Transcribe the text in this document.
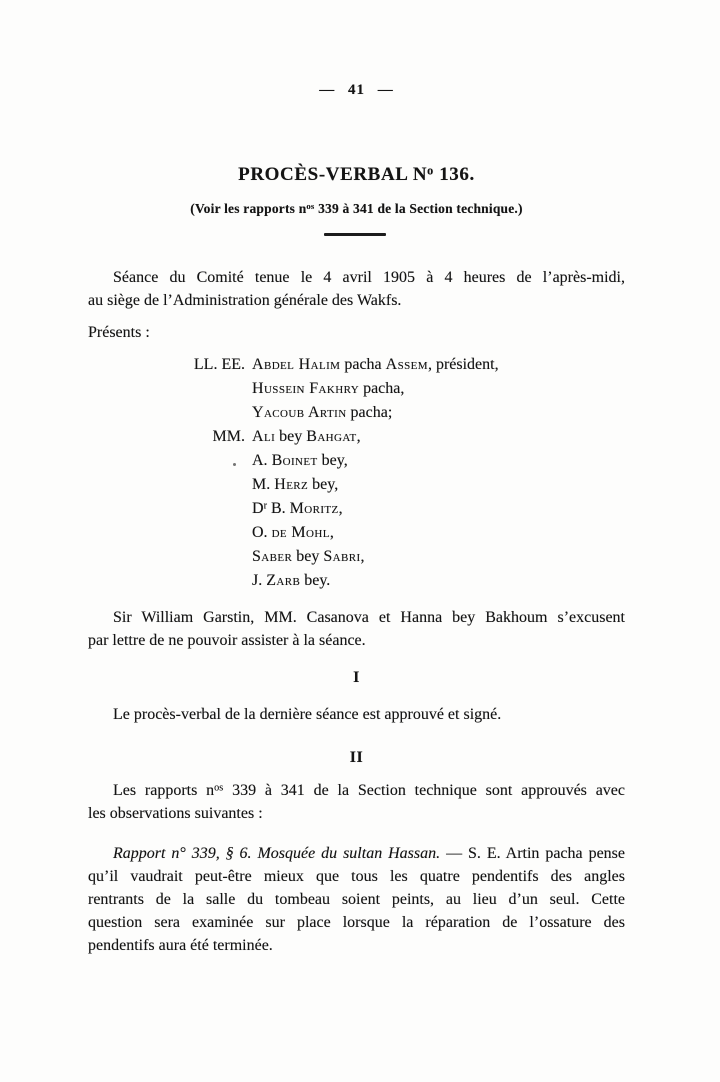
— 41 —
PROCÈS-VERBAL $N^o$ 136.
(Voir les rapports $n^{os}$ 339 à 341 de la Section technique.)
Séance du Comité tenue le 4 avril 1905 à 4 heures de l’après-midi,
au siège de l’Administration générale des Wakfs.
Présents :
LL. EE. Abdel Halim pacha Assem, président,
Hussein Fakhry pacha,
Yacoub Artin pacha;
MM. Ali bey Bahgat,
A. Boinet bey,
M. Herz bey,
$D^r$ B. Moritz,
O. de Mohl,
Saber bey Sabri,
J. Zarb bey.
Sir William Garstin, MM. Casanova et Hanna bey Bakhoum s’excusent
par lettre de ne pouvoir assister à la séance.
I
Le procès-verbal de la dernière séance est approuvé et signé.
II
Les rapports $n^{os}$ 339 à 341 de la Section technique sont approuvés avec
les observations suivantes :
Rapport n° 339, § 6. Mosquée du sultan Hassan. — S. E. Artin pacha pense
qu’il vaudrait peut-être mieux que tous les quatre pendentifs des angles
rentrants de la salle du tombeau soient peints, au lieu d’un seul. Cette
question sera examinée sur place lorsque la réparation de l’ossature des
pendentifs aura été terminée.
